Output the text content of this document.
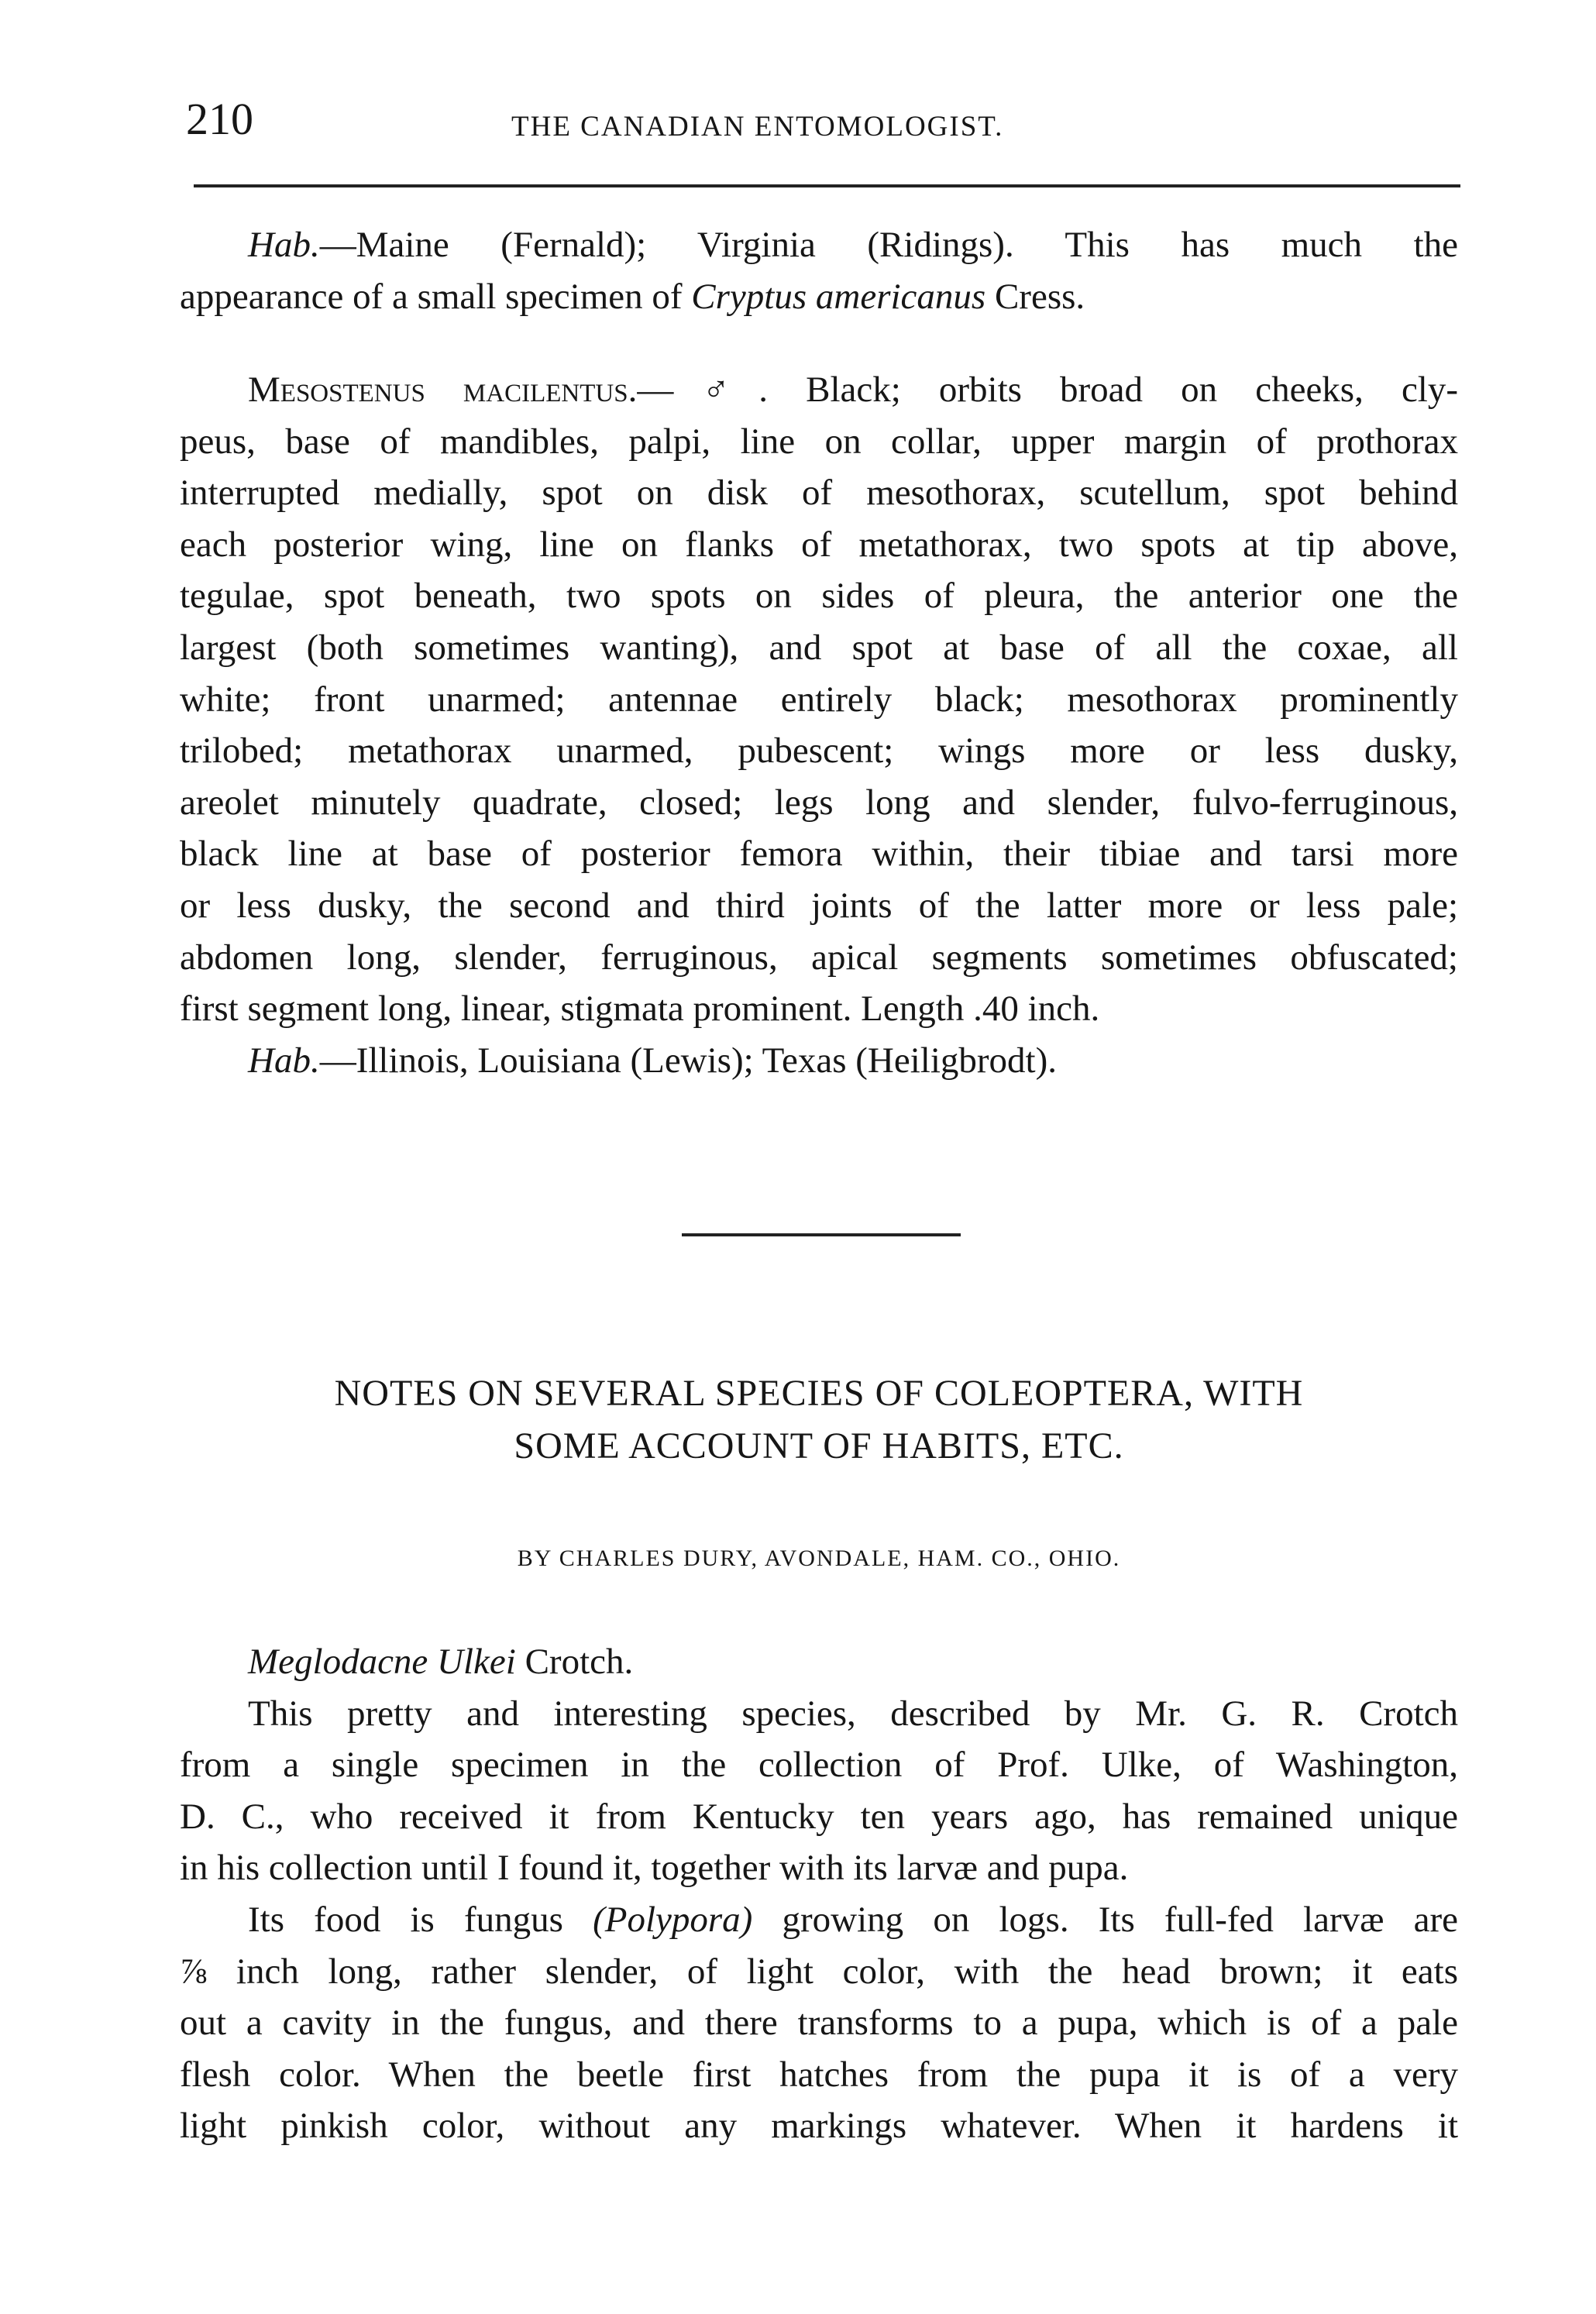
210	THE CANADIAN ENTOMOLOGIST.
Hab.—Maine (Fernald); Virginia (Ridings). This has much the
appearance of a small specimen of Cryptus americanus Cress.
Mesostenus macilentus.—♂. Black; orbits broad on cheeks, cly-
peus, base of mandibles, palpi, line on collar, upper margin of prothorax
interrupted medially, spot on disk of mesothorax, scutellum, spot behind
each posterior wing, line on flanks of metathorax, two spots at tip above,
tegulae, spot beneath, two spots on sides of pleura, the anterior one the
largest (both sometimes wanting), and spot at base of all the coxae, all
white; front unarmed; antennae entirely black; mesothorax prominently
trilobed; metathorax unarmed, pubescent; wings more or less dusky,
areolet minutely quadrate, closed; legs long and slender, fulvo-ferruginous,
black line at base of posterior femora within, their tibiae and tarsi more
or less dusky, the second and third joints of the latter more or less pale;
abdomen long, slender, ferruginous, apical segments sometimes obfuscated;
first segment long, linear, stigmata prominent. Length .40 inch.
Hab.—Illinois, Louisiana (Lewis); Texas (Heiligbrodt).
NOTES ON SEVERAL SPECIES OF COLEOPTERA, WITH
SOME ACCOUNT OF HABITS, ETC.
BY CHARLES DURY, AVONDALE, HAM. CO., OHIO.
Meglodacne Ulkei Crotch.
This pretty and interesting species, described by Mr. G. R. Crotch
from a single specimen in the collection of Prof. Ulke, of Washington,
D. C., who received it from Kentucky ten years ago, has remained unique
in his collection until I found it, together with its larvæ and pupa.
Its food is fungus (Polypora) growing on logs. Its full-fed larvæ are
⅞ inch long, rather slender, of light color, with the head brown; it eats
out a cavity in the fungus, and there transforms to a pupa, which is of a pale
flesh color. When the beetle first hatches from the pupa it is of a very
light pinkish color, without any markings whatever. When it hardens it
